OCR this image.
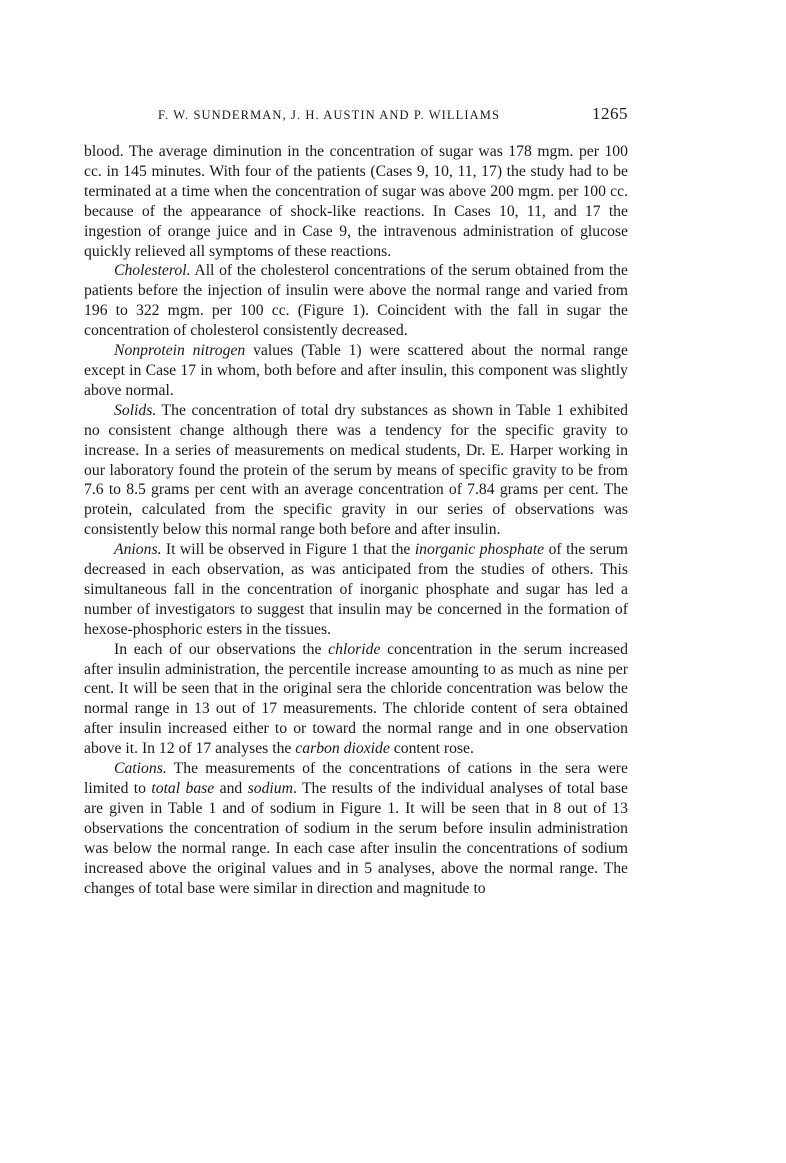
F. W. SUNDERMAN, J. H. AUSTIN AND P. WILLIAMS	1265

blood. The average diminution in the concentration of sugar was 178 mgm. per 100 cc. in 145 minutes. With four of the patients (Cases 9, 10, 11, 17) the study had to be terminated at a time when the concentration of sugar was above 200 mgm. per 100 cc. because of the appearance of shock-like reactions. In Cases 10, 11, and 17 the ingestion of orange juice and in Case 9, the intravenous administration of glucose quickly relieved all symptoms of these reactions.

Cholesterol. All of the cholesterol concentrations of the serum obtained from the patients before the injection of insulin were above the normal range and varied from 196 to 322 mgm. per 100 cc. (Figure 1). Coincident with the fall in sugar the concentration of cholesterol consistently decreased.

Nonprotein nitrogen values (Table 1) were scattered about the normal range except in Case 17 in whom, both before and after insulin, this component was slightly above normal.

Solids. The concentration of total dry substances as shown in Table 1 exhibited no consistent change although there was a tendency for the specific gravity to increase. In a series of measurements on medical students, Dr. E. Harper working in our laboratory found the protein of the serum by means of specific gravity to be from 7.6 to 8.5 grams per cent with an average concentration of 7.84 grams per cent. The protein, calculated from the specific gravity in our series of observations was consistently below this normal range both before and after insulin.

Anions. It will be observed in Figure 1 that the inorganic phosphate of the serum decreased in each observation, as was anticipated from the studies of others. This simultaneous fall in the concentration of inorganic phosphate and sugar has led a number of investigators to suggest that insulin may be concerned in the formation of hexose-phosphoric esters in the tissues.

In each of our observations the chloride concentration in the serum increased after insulin administration, the percentile increase amounting to as much as nine per cent. It will be seen that in the original sera the chloride concentration was below the normal range in 13 out of 17 measurements. The chloride content of sera obtained after insulin increased either to or toward the normal range and in one observation above it. In 12 of 17 analyses the carbon dioxide content rose.

Cations. The measurements of the concentrations of cations in the sera were limited to total base and sodium. The results of the individual analyses of total base are given in Table 1 and of sodium in Figure 1. It will be seen that in 8 out of 13 observations the concentration of sodium in the serum before insulin administration was below the normal range. In each case after insulin the concentrations of sodium increased above the original values and in 5 analyses, above the normal range. The changes of total base were similar in direction and magnitude to
